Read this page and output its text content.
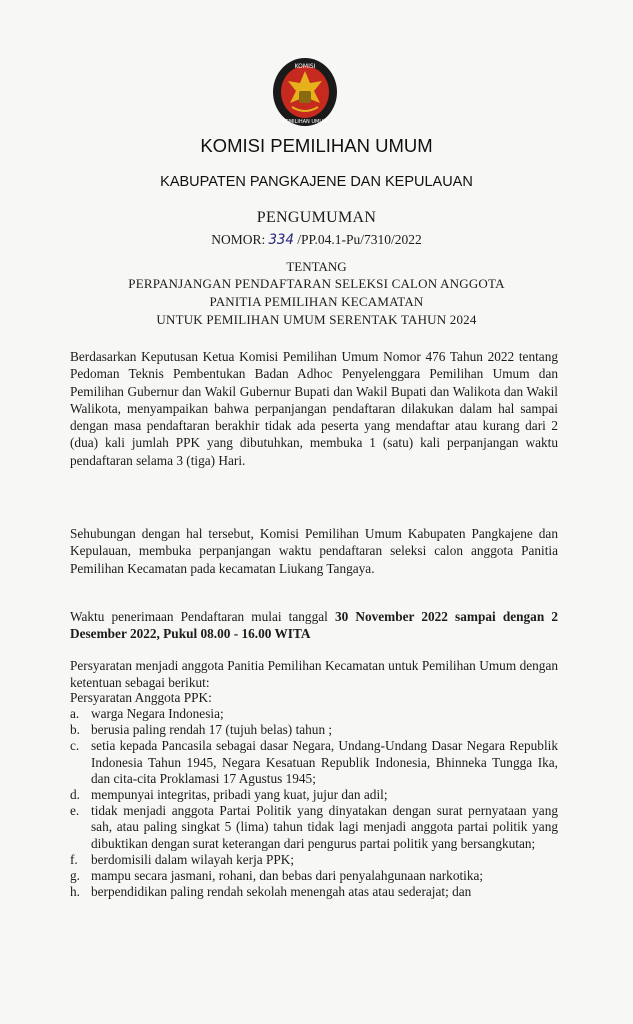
KOMISI
PEMILIHAN UMUM
KOMISI PEMILIHAN UMUM
KABUPATEN PANGKAJENE DAN KEPULAUAN
PENGUMUMAN
NOMOR: 334 /PP.04.1-Pu/7310/2022
TENTANG
PERPANJANGAN PENDAFTARAN SELEKSI CALON ANGGOTA
PANITIA PEMILIHAN KECAMATAN
UNTUK PEMILIHAN UMUM SERENTAK TAHUN 2024

Berdasarkan Keputusan Ketua Komisi Pemilihan Umum Nomor 476 Tahun 2022 tentang Pedoman Teknis Pembentukan Badan Adhoc Penyelenggara Pemilihan Umum dan Pemilihan Gubernur dan Wakil Gubernur Bupati dan Wakil Bupati dan Walikota dan Wakil Walikota, menyampaikan bahwa perpanjangan pendaftaran dilakukan dalam hal sampai dengan masa pendaftaran berakhir tidak ada peserta yang mendaftar atau kurang dari 2 (dua) kali jumlah PPK yang dibutuhkan, membuka 1 (satu) kali perpanjangan waktu pendaftaran selama 3 (tiga) Hari.

Sehubungan dengan hal tersebut, Komisi Pemilihan Umum Kabupaten Pangkajene dan Kepulauan, membuka perpanjangan waktu pendaftaran seleksi calon anggota Panitia Pemilihan Kecamatan pada kecamatan Liukang Tangaya.

Waktu penerimaan Pendaftaran mulai tanggal 30 November 2022 sampai dengan 2 Desember 2022, Pukul 08.00 - 16.00 WITA

Persyaratan menjadi anggota Panitia Pemilihan Kecamatan untuk Pemilihan Umum dengan ketentuan sebagai berikut:

Persyaratan Anggota PPK:
a. warga Negara Indonesia;
b. berusia paling rendah 17 (tujuh belas) tahun ;
c. setia kepada Pancasila sebagai dasar Negara, Undang-Undang Dasar Negara Republik Indonesia Tahun 1945, Negara Kesatuan Republik Indonesia, Bhinneka Tungga Ika, dan cita-cita Proklamasi 17 Agustus 1945;
d. mempunyai integritas, pribadi yang kuat, jujur dan adil;
e. tidak menjadi anggota Partai Politik yang dinyatakan dengan surat pernyataan yang sah, atau paling singkat 5 (lima) tahun tidak lagi menjadi anggota partai politik yang dibuktikan dengan surat keterangan dari pengurus partai politik yang bersangkutan;
f. berdomisili dalam wilayah kerja PPK;
g. mampu secara jasmani, rohani, dan bebas dari penyalahgunaan narkotika;
h. berpendidikan paling rendah sekolah menengah atas atau sederajat; dan
